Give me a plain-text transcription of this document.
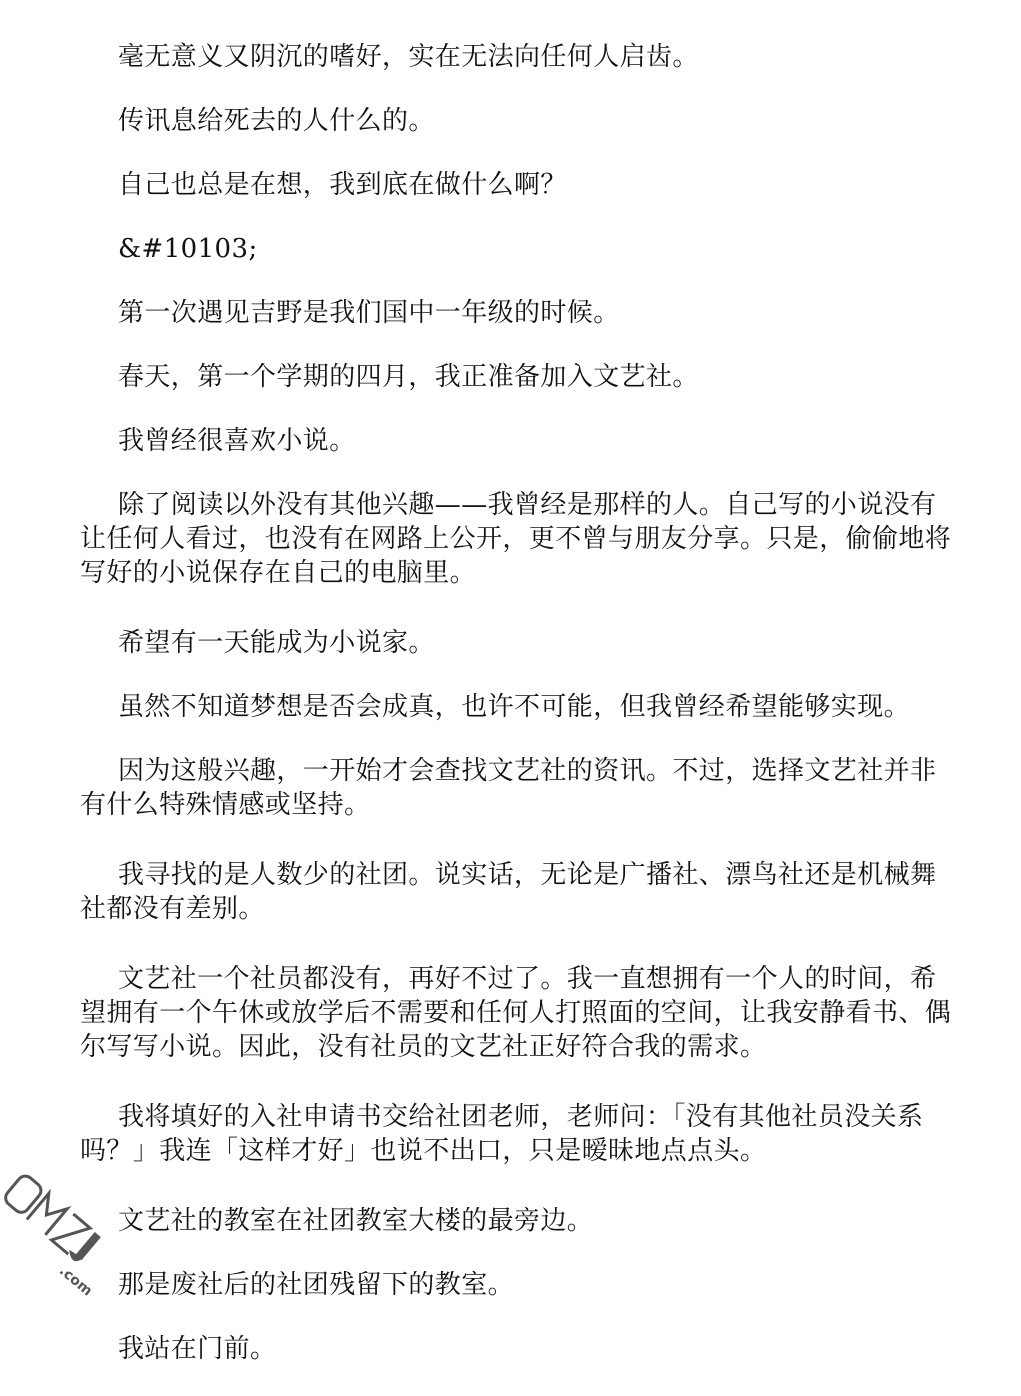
毫无意义又阴沉的嗜好，实在无法向任何人启齿。

传讯息给死去的人什么的。

自己也总是在想，我到底在做什么啊？

&#10103;

第一次遇见吉野是我们国中一年级的时候。

春天，第一个学期的四月，我正准备加入文艺社。

我曾经很喜欢小说。

除了阅读以外没有其他兴趣——我曾经是那样的人。自己写的小说没有让任何人看过，也没有在网路上公开，更不曾与朋友分享。只是，偷偷地将写好的小说保存在自己的电脑里。

希望有一天能成为小说家。

虽然不知道梦想是否会成真，也许不可能，但我曾经希望能够实现。

因为这般兴趣，一开始才会查找文艺社的资讯。不过，选择文艺社并非有什么特殊情感或坚持。

我寻找的是人数少的社团。说实话，无论是广播社、漂鸟社还是机械舞社都没有差别。

文艺社一个社员都没有，再好不过了。我一直想拥有一个人的时间，希望拥有一个午休或放学后不需要和任何人打照面的空间，让我安静看书、偶尔写写小说。因此，没有社员的文艺社正好符合我的需求。

我将填好的入社申请书交给社团老师，老师问：「没有其他社员没关系吗？」我连「这样才好」也说不出口，只是暧昧地点点头。

文艺社的教室在社团教室大楼的最旁边。

那是废社后的社团残留下的教室。

我站在门前。

.com
